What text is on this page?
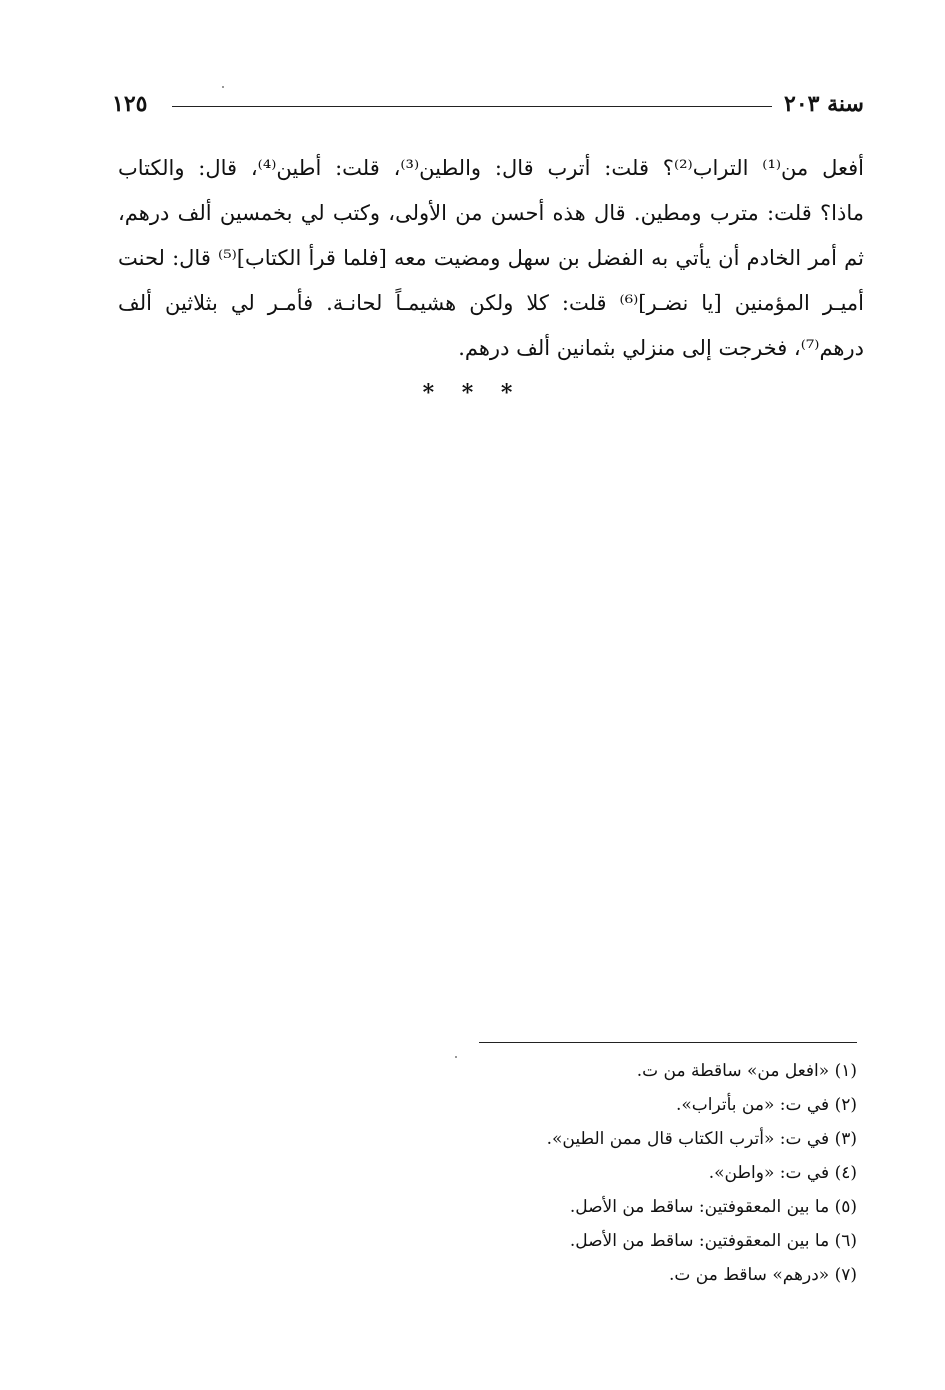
سنة ٢٠٣
١٢٥
أفعل من⁽¹⁾ التراب⁽²⁾؟ قلت: أترب قال: والطين⁽³⁾، قلت: أطين⁽⁴⁾، قال: والكتاب
ماذا؟ قلت: مترب ومطين. قال هذه أحسن من الأولى، وكتب لي بخمسين ألف درهم،
ثم أمر الخادم أن يأتي به الفضل بن سهل ومضيت معه [فلما قرأ الكتاب]⁽⁵⁾ قال: لحنت
أميـر المؤمنين [يا نضـر]⁽⁶⁾ قلت: كلا ولكن هشيمـاً لحانـة. فأمـر لي بثلاثين ألف
درهم⁽⁷⁾، فخرجت إلى منزلي بثمانين ألف درهم.
* * *
(١) «افعل من» ساقطة من ت.
(٢) في ت: «من بأتراب».
(٣) في ت: «أترب الكتاب قال ممن الطين».
(٤) في ت: «واطن».
(٥) ما بين المعقوفتين: ساقط من الأصل.
(٦) ما بين المعقوفتين: ساقط من الأصل.
(٧) «درهم» ساقط من ت.
